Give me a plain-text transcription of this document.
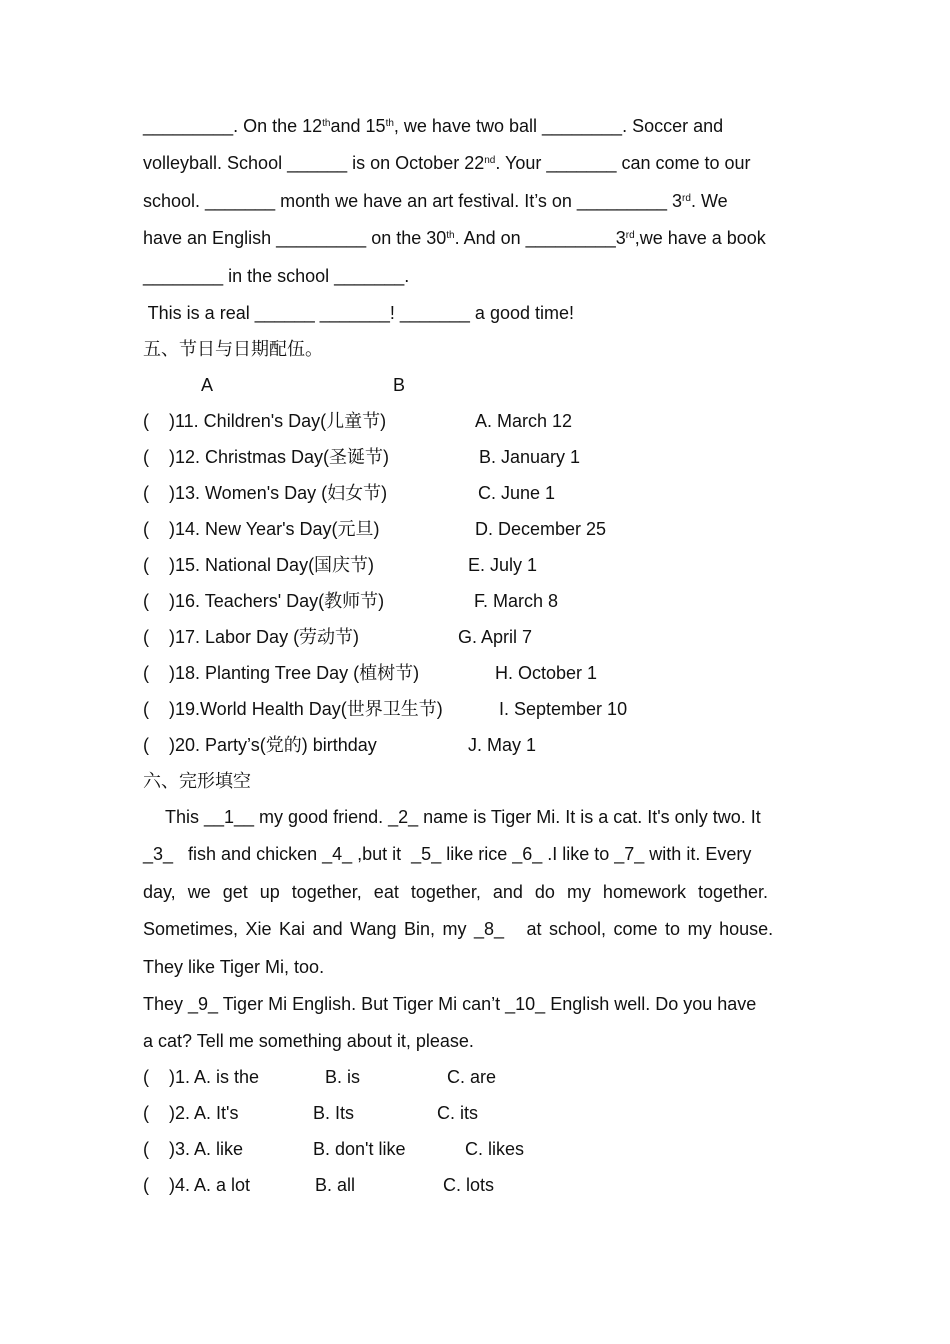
_________. On the 12thand 15th, we have two ball ________. Soccer and
volleyball. School ______ is on October 22nd. Your _______ can come to our
school. _______ month we have an art festival. It’s on _________ 3rd. We
have an English _________ on the 30th. And on _________3rd,we have a book
________ in the school _______.
This is a real ______ _______! _______ a good time!
五、节日与日期配伍。
A	B
(    )11. Children's Day(儿童节)	A. March 12
(    )12. Christmas Day(圣诞节)	B. January 1
(    )13. Women's Day (妇女节)	C. June 1
(    )14. New Year's Day(元旦)	D. December 25
(    )15. National Day(国庆节)	E. July 1
(    )16. Teachers' Day(教师节)	F. March 8
(    )17. Labor Day (劳动节)	G. April 7
(    )18. Planting Tree Day (植树节)	H. October 1
(    )19.World Health Day(世界卫生节)	I. September 10
(    )20. Party’s(党的) birthday	J. May 1
六、完形填空
This __1__ my good friend. _2_ name is Tiger Mi. It is a cat. It's only two. It
_3_   fish and chicken _4_ ,but it  _5_ like rice _6_ .I like to _7_ with it. Every
day, we get up together, eat together, and do my homework together.
Sometimes, Xie Kai and Wang Bin, my _8_   at school, come to my house.
They like Tiger Mi, too.
They _9_ Tiger Mi English. But Tiger Mi can’t _10_ English well. Do you have
a cat? Tell me something about it, please.
(    )1. A. is the	B. is	C. are
(    )2. A. It's	B. Its	C. its
(    )3. A. like	B. don't like	C. likes
(    )4. A. a lot	B. all	C. lots
